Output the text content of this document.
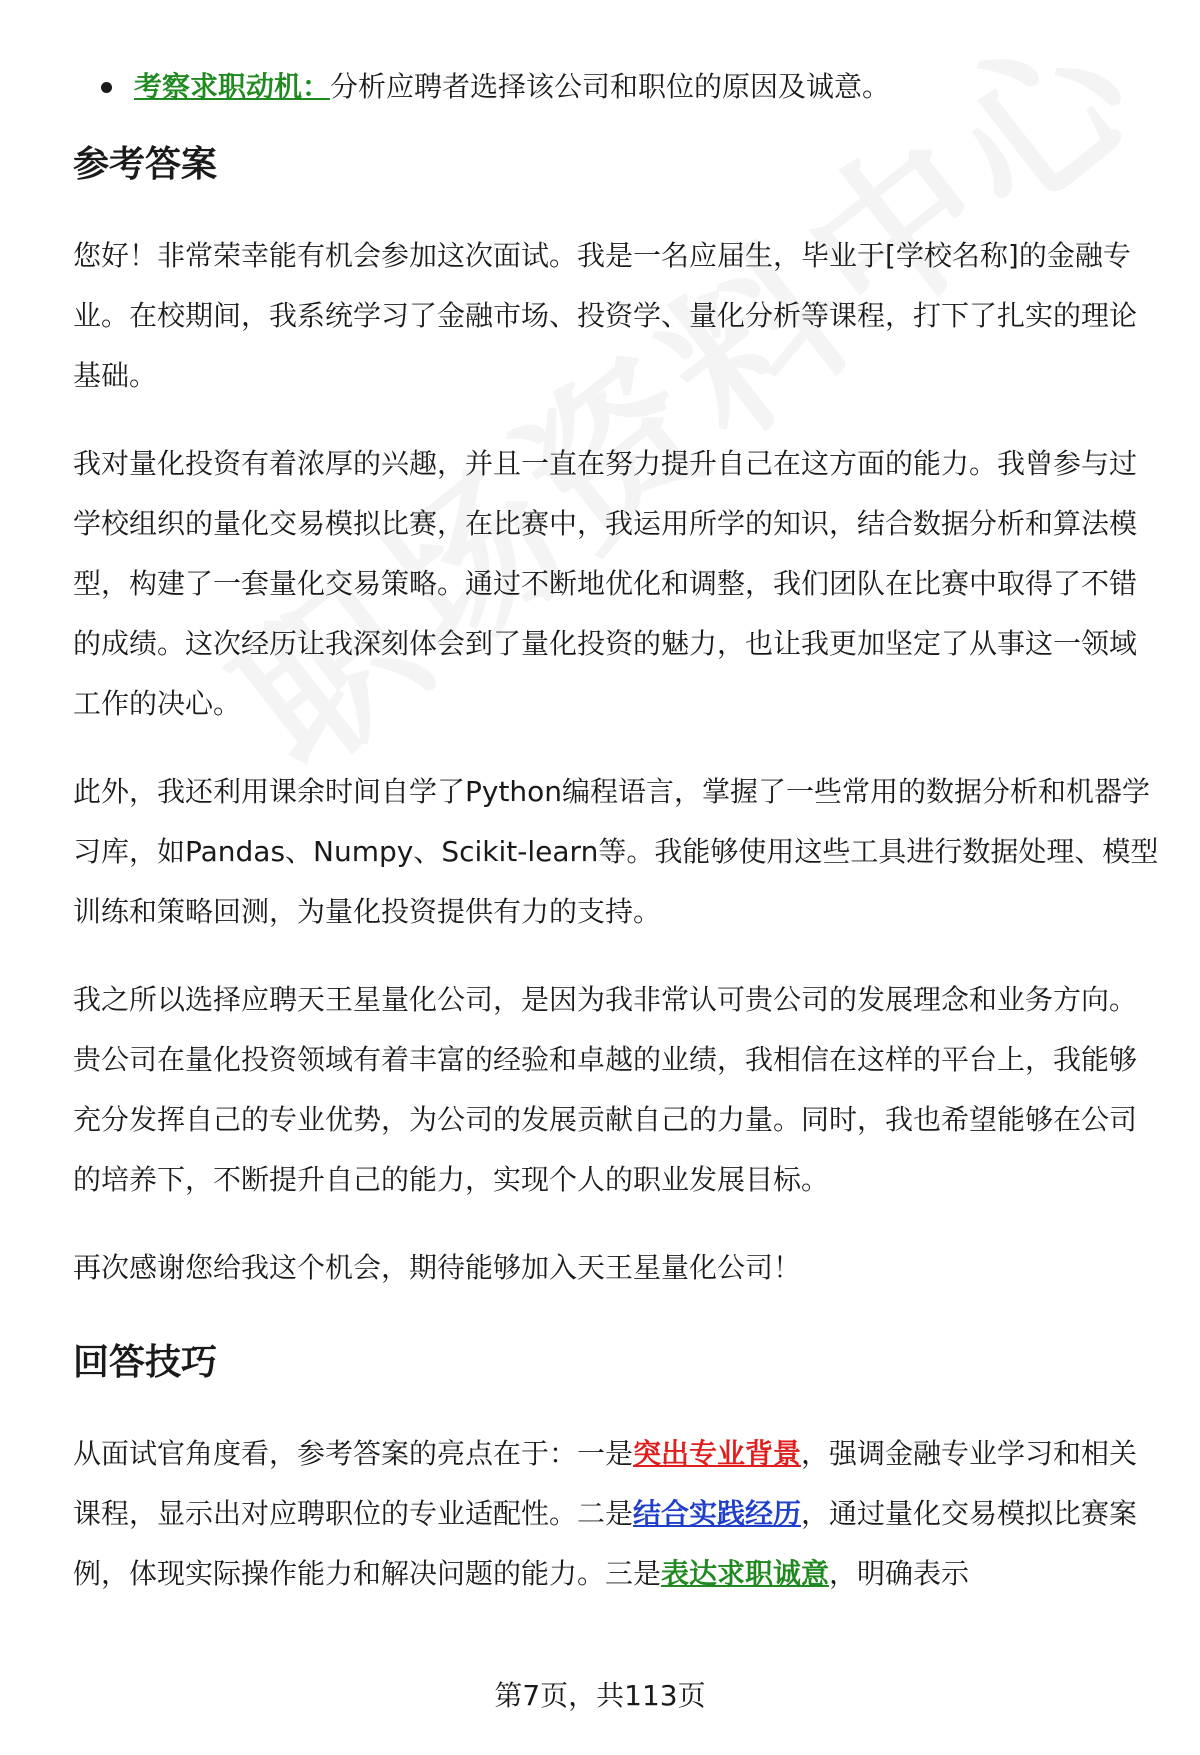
考察求职动机：分析应聘者选择该公司和职位的原因及诚意。
参考答案

您好！非常荣幸能有机会参加这次面试。我是一名应届生，毕业于[学校名称]的金融专业。在校期间，我系统学习了金融市场、投资学、量化分析等课程，打下了扎实的理论基础。

我对量化投资有着浓厚的兴趣，并且一直在努力提升自己在这方面的能力。我曾参与过学校组织的量化交易模拟比赛，在比赛中，我运用所学的知识，结合数据分析和算法模型，构建了一套量化交易策略。通过不断地优化和调整，我们团队在比赛中取得了不错的成绩。这次经历让我深刻体会到了量化投资的魅力，也让我更加坚定了从事这一领域工作的决心。

此外，我还利用课余时间自学了Python编程语言，掌握了一些常用的数据分析和机器学习库，如Pandas、Numpy、Scikit-learn等。我能够使用这些工具进行数据处理、模型训练和策略回测，为量化投资提供有力的支持。

我之所以选择应聘天王星量化公司，是因为我非常认可贵公司的发展理念和业务方向。贵公司在量化投资领域有着丰富的经验和卓越的业绩，我相信在这样的平台上，我能够充分发挥自己的专业优势，为公司的发展贡献自己的力量。同时，我也希望能够在公司的培养下，不断提升自己的能力，实现个人的职业发展目标。

再次感谢您给我这个机会，期待能够加入天王星量化公司！

回答技巧

从面试官角度看，参考答案的亮点在于：一是突出专业背景，强调金融专业学习和相关课程，显示出对应聘职位的专业适配性。二是结合实践经历，通过量化交易模拟比赛案例，体现实际操作能力和解决问题的能力。三是表达求职诚意，明确表示

第7页，共113页
